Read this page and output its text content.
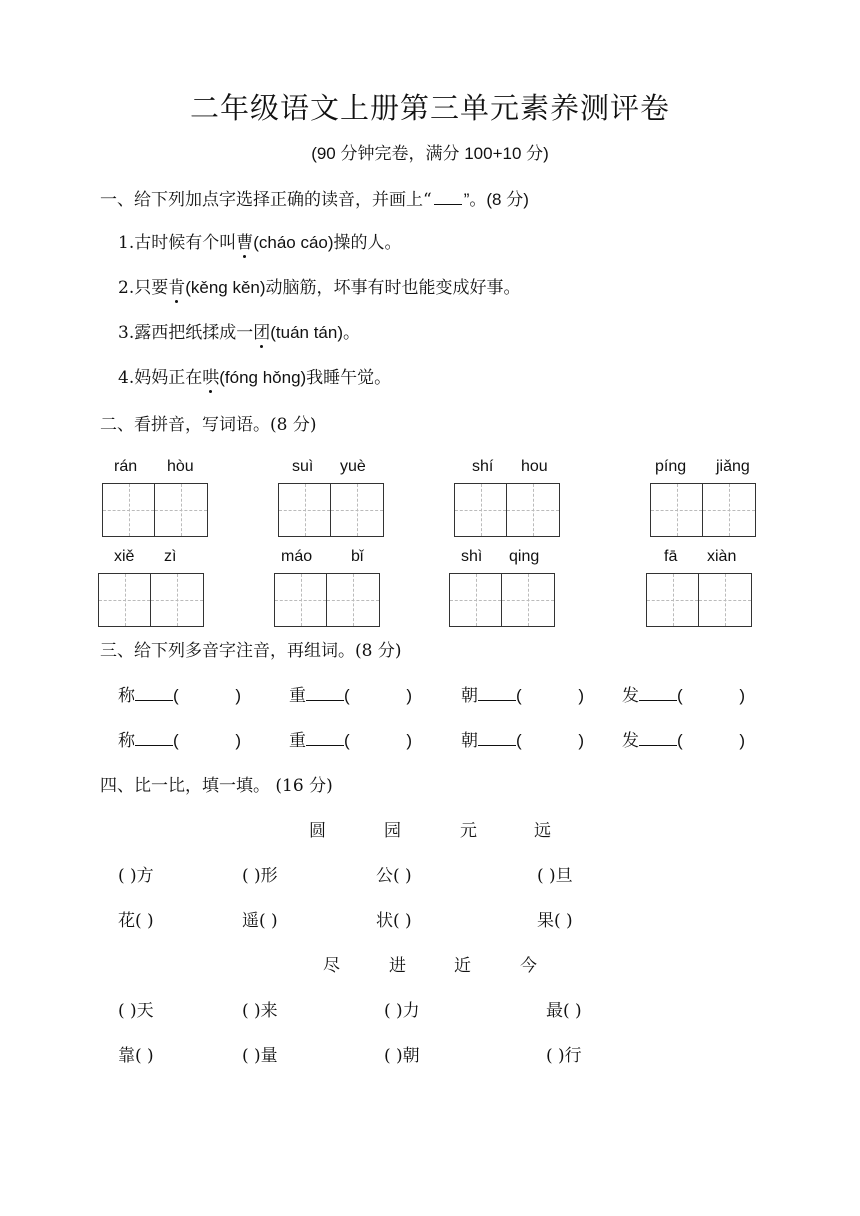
二年级语文上册第三单元素养测评卷
(90 分钟完卷，满分 100+10 分)
一、给下列加点字选择正确的读音，并画上“ ”。(8 分)
1.古时候有个叫曹(cháo cáo)操的人。
2.只要肯(kěng kěn)动脑筋，坏事有时也能变成好事。
3.露西把纸揉成一团(tuán tán)。
4.妈妈正在哄(fóng hǒng)我睡午觉。
二、看拼音，写词语。(8 分)
rán hòu	suì yuè	shí hou	píng jiǎng
xiě zì	máo bǐ	shì qing	fā xiàn
三、给下列多音字注音，再组词。(8 分)
称 (            )	重 (            )	朝 (            ) 发 (            )
称 (            )	重 (            )	朝 (            ) 发 (            )
四、比一比，填一填。 (16 分)
圆	园	元	远
( )方	( )形	公( )	( )旦
花( )	遥( )	状( )	果( )
尽	进	近	今
( )天	( )来	( )力	最( )
靠( )	( )量	( )朝	( )行
